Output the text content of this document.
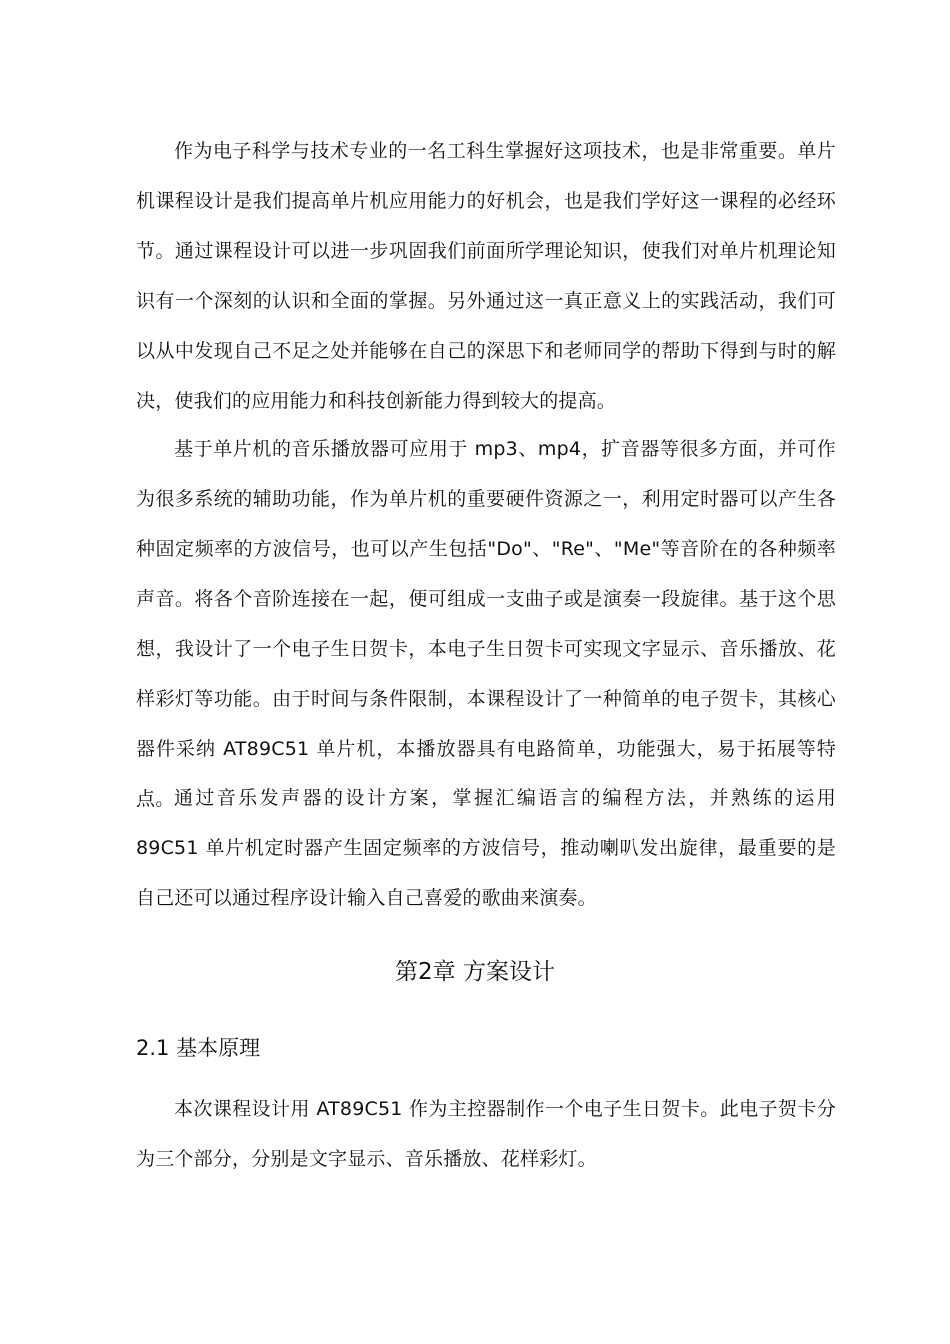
作为电子科学与技术专业的一名工科生掌握好这项技术，也是非常重要。单片机课程设计是我们提高单片机应用能力的好机会，也是我们学好这一课程的必经环节。通过课程设计可以进一步巩固我们前面所学理论知识，使我们对单片机理论知识有一个深刻的认识和全面的掌握。另外通过这一真正意义上的实践活动，我们可以从中发现自己不足之处并能够在自己的深思下和老师同学的帮助下得到与时的解决，使我们的应用能力和科技创新能力得到较大的提高。

基于单片机的音乐播放器可应用于 mp3、mp4，扩音器等很多方面，并可作为很多系统的辅助功能，作为单片机的重要硬件资源之一，利用定时器可以产生各种固定频率的方波信号，也可以产生包括"Do"、"Re"、"Me"等音阶在的各种频率声音。将各个音阶连接在一起，便可组成一支曲子或是演奏一段旋律。基于这个思想，我设计了一个电子生日贺卡，本电子生日贺卡可实现文字显示、音乐播放、花样彩灯等功能。由于时间与条件限制，本课程设计了一种简单的电子贺卡，其核心器件采纳 AT89C51 单片机，本播放器具有电路简单，功能强大，易于拓展等特点。 通过音乐发声器的设计方案，掌握汇编语言的编程方法，并熟练的运用 89C51 单片机定时器产生固定频率的方波信号，推动喇叭发出旋律，最重要的是自己还可以通过程序设计输入自己喜爱的歌曲来演奏。

第2章 方案设计
2.1 基本原理

本次课程设计用 AT89C51 作为主控器制作一个电子生日贺卡。此电子贺卡分为三个部分，分别是文字显示、音乐播放、花样彩灯。
